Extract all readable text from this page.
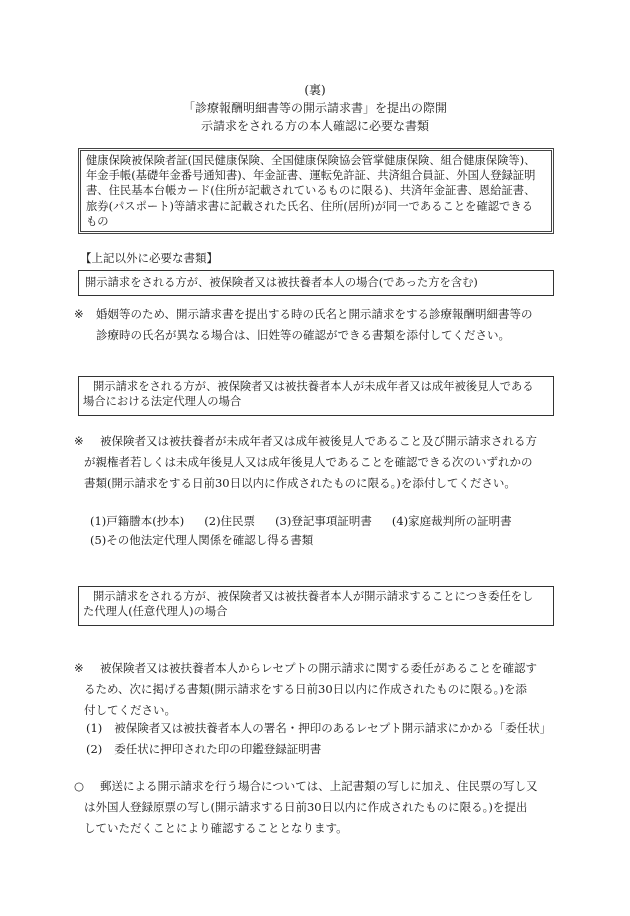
(裏)
「診療報酬明細書等の開示請求書」を提出の際開
示請求をされる方の本人確認に必要な書類
健康保険被保険者証(国民健康保険、全国健康保険協会管掌健康保険、組合健康保険等)、
年金手帳(基礎年金番号通知書)、年金証書、運転免許証、共済組合員証、外国人登録証明
書、住民基本台帳カード(住所が記載されているものに限る)、共済年金証書、恩給証書、
旅券(パスポート)等請求書に記載された氏名、住所(居所)が同一であることを確認できる
もの
【上記以外に必要な書類】
開示請求をされる方が、被保険者又は被扶養者本人の場合(であった方を含む)
※ 婚姻等のため、開示請求書を提出する時の氏名と開示請求をする診療報酬明細書等の
診療時の氏名が異なる場合は、旧姓等の確認ができる書類を添付してください。
開示請求をされる方が、被保険者又は被扶養者本人が未成年者又は成年被後見人である
場合における法定代理人の場合
※ 被保険者又は被扶養者が未成年者又は成年被後見人であること及び開示請求される方
が親権者若しくは未成年後見人又は成年後見人であることを確認できる次のいずれかの
書類(開示請求をする日前30日以内に作成されたものに限る。)を添付してください。
(1)戸籍謄本(抄本) (2)住民票 (3)登記事項証明書 (4)家庭裁判所の証明書
(5)その他法定代理人関係を確認し得る書類
開示請求をされる方が、被保険者又は被扶養者本人が開示請求することにつき委任をし
た代理人(任意代理人)の場合
※ 被保険者又は被扶養者本人からレセプトの開示請求に関する委任があることを確認す
るため、次に掲げる書類(開示請求をする日前30日以内に作成されたものに限る。)を添
付してください。
(1) 被保険者又は被扶養者本人の署名・押印のあるレセプト開示請求にかかる「委任状」
(2) 委任状に押印された印の印鑑登録証明書
○ 郵送による開示請求を行う場合については、上記書類の写しに加え、住民票の写し又
は外国人登録原票の写し(開示請求する日前30日以内に作成されたものに限る。)を提出
していただくことにより確認することとなります。
